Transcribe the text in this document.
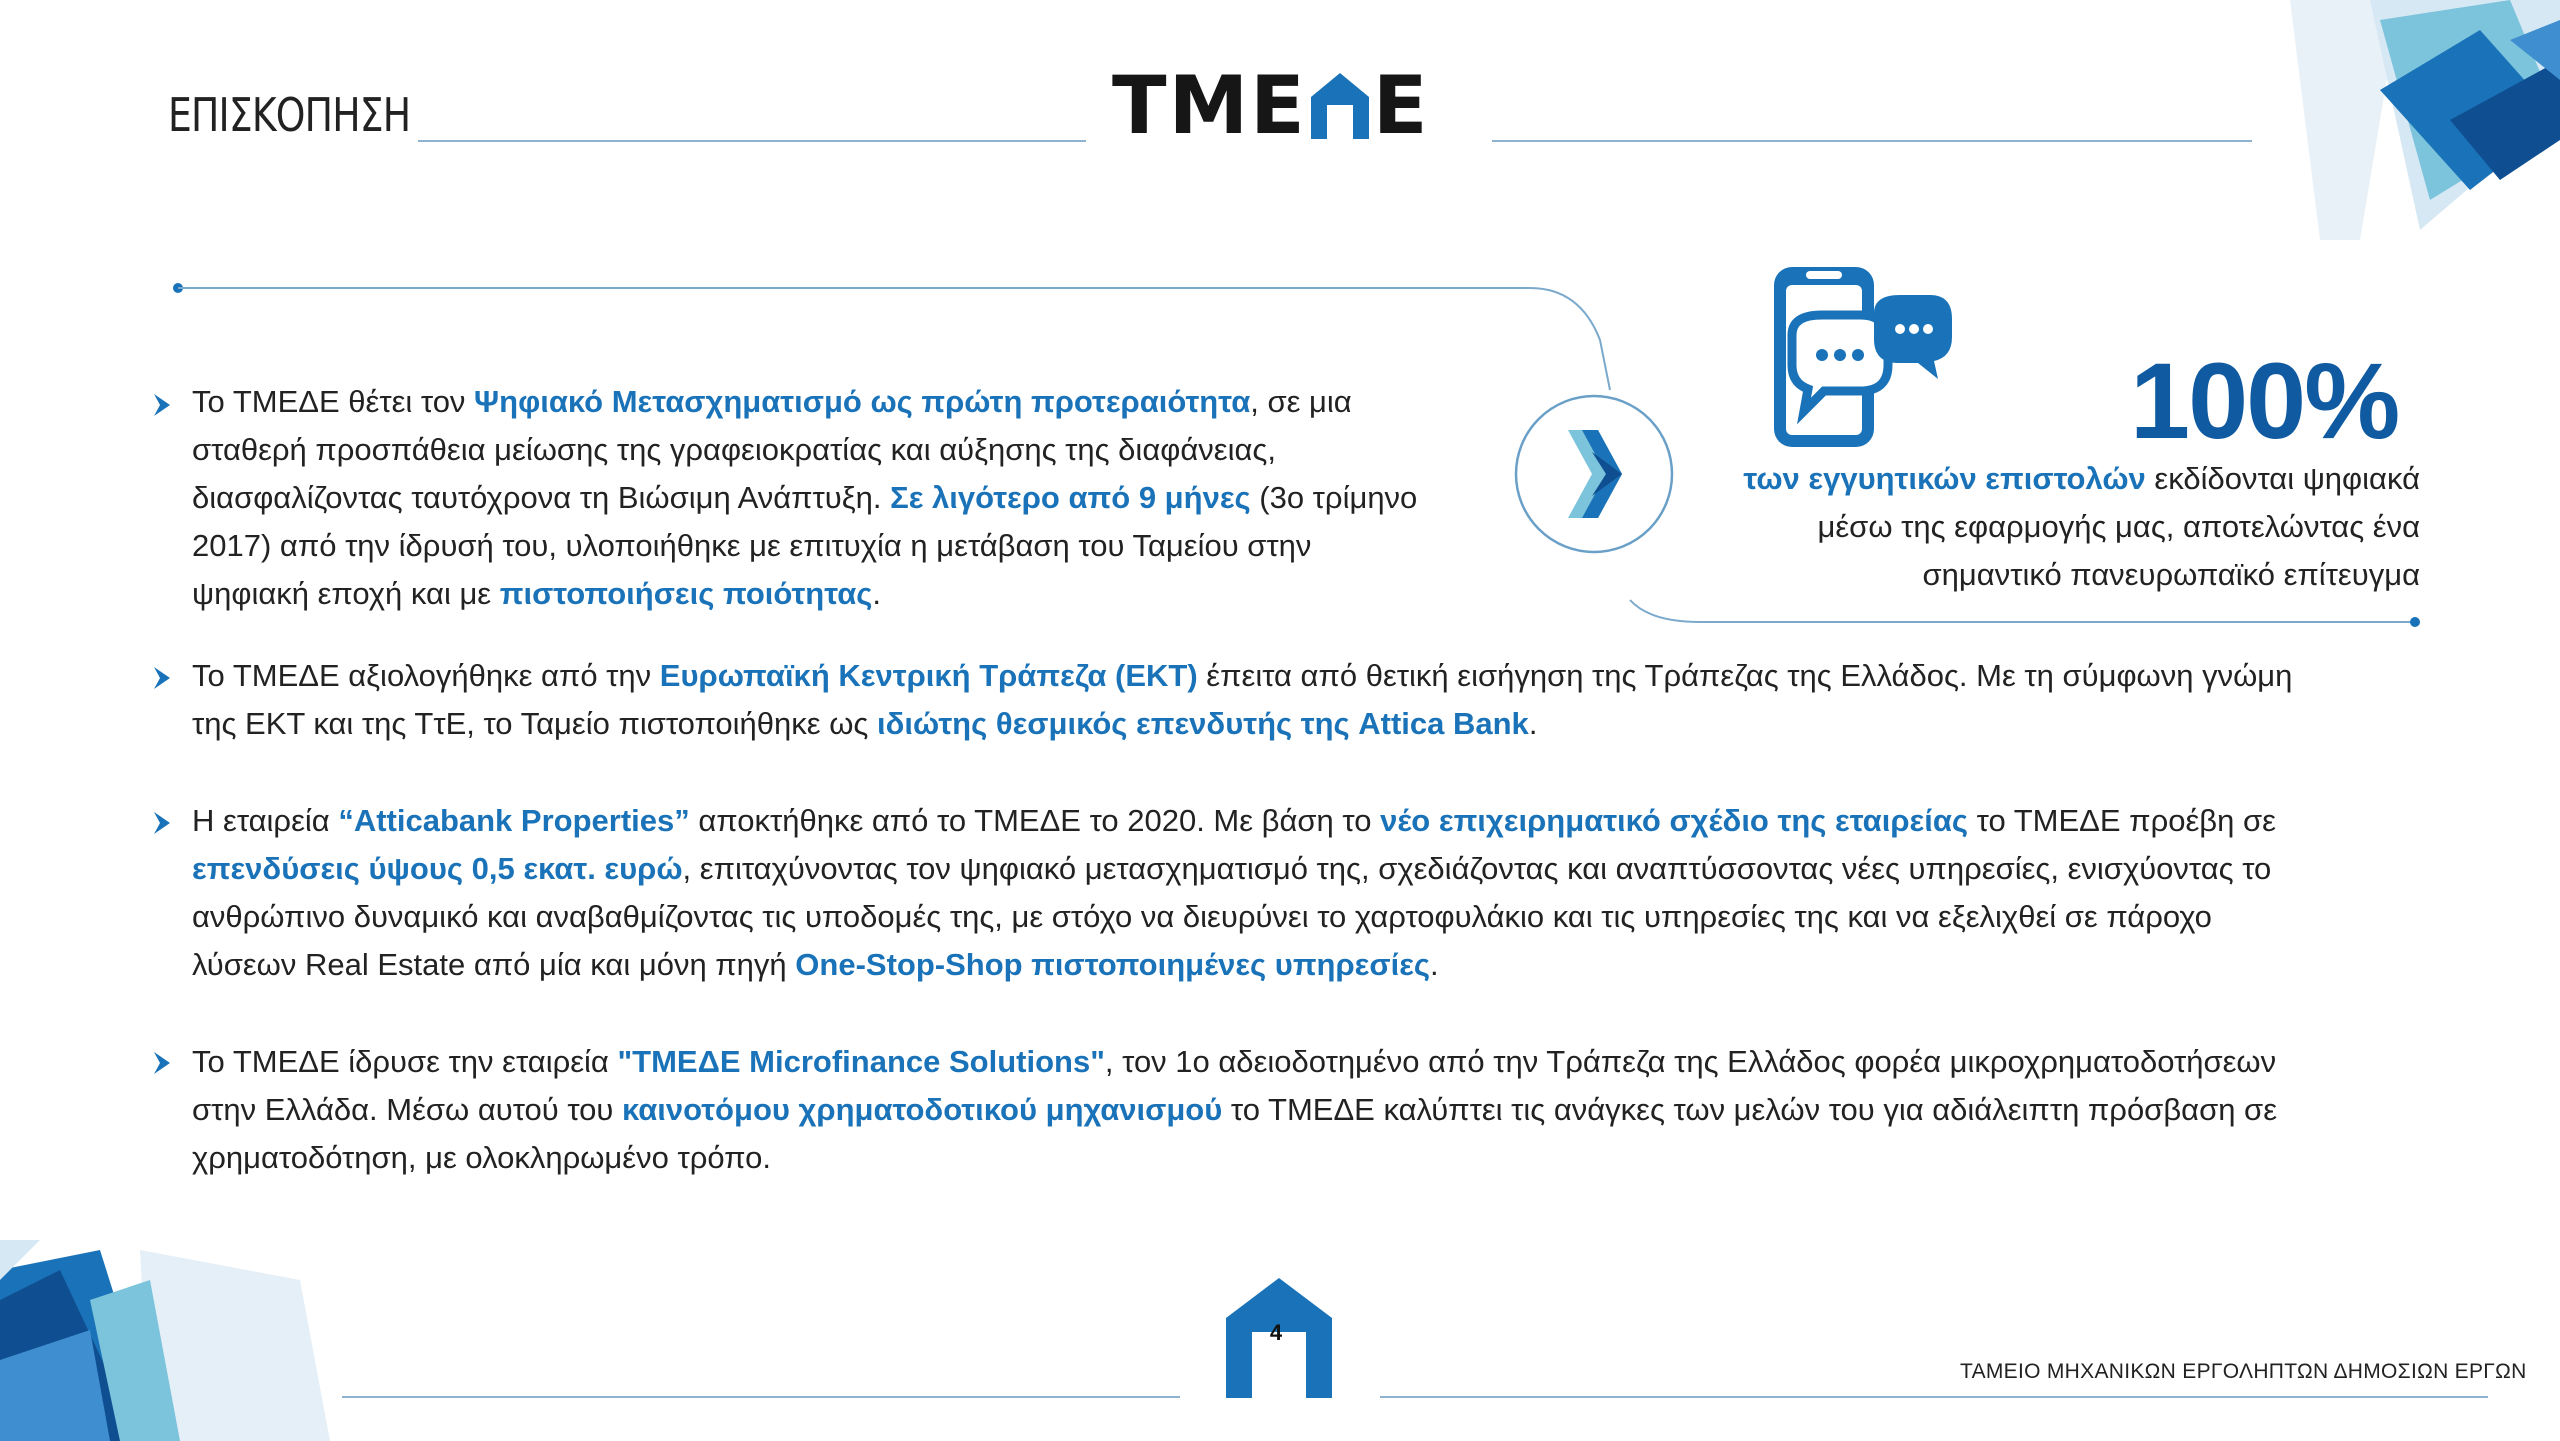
ΕΠΙΣΚΟΠΗΣΗ	ΤΜΕ Ε
100%
των εγγυητικών επιστολών εκδίδονται ψηφιακά
μέσω της εφαρμογής μας, αποτελώντας ένα
σημαντικό πανευρωπαϊκό επίτευγμα
Το ΤΜΕΔΕ θέτει τον Ψηφιακό Μετασχηματισμό ως πρώτη προτεραιότητα, σε μια
σταθερή προσπάθεια μείωσης της γραφειοκρατίας και αύξησης της διαφάνειας,
διασφαλίζοντας ταυτόχρονα τη Βιώσιμη Ανάπτυξη. Σε λιγότερο από 9 μήνες (3ο τρίμηνο
2017) από την ίδρυσή του, υλοποιήθηκε με επιτυχία η μετάβαση του Ταμείου στην
ψηφιακή εποχή και με πιστοποιήσεις ποιότητας.
Το ΤΜΕΔΕ αξιολογήθηκε από την Ευρωπαϊκή Κεντρική Τράπεζα (ΕΚΤ) έπειτα από θετική εισήγηση της Τράπεζας της Ελλάδος. Με τη σύμφωνη γνώμη
της ΕΚΤ και της ΤτΕ, το Ταμείο πιστοποιήθηκε ως ιδιώτης θεσμικός επενδυτής της Attica Bank.
Η εταιρεία “Atticabank Properties” αποκτήθηκε από το ΤΜΕΔΕ το 2020. Με βάση το νέο επιχειρηματικό σχέδιο της εταιρείας το ΤΜΕΔΕ προέβη σε
επενδύσεις ύψους 0,5 εκατ. ευρώ, επιταχύνοντας τον ψηφιακό μετασχηματισμό της, σχεδιάζοντας και αναπτύσσοντας νέες υπηρεσίες, ενισχύοντας το
ανθρώπινο δυναμικό και αναβαθμίζοντας τις υποδομές της, με στόχο να διευρύνει το χαρτοφυλάκιο και τις υπηρεσίες της και να εξελιχθεί σε πάροχο
λύσεων Real Estate από μία και μόνη πηγή One-Stop-Shop πιστοποιημένες υπηρεσίες.
Το ΤΜΕΔΕ ίδρυσε την εταιρεία "ΤΜΕΔΕ Microfinance Solutions", τον 1ο αδειοδοτημένο από την Τράπεζα της Ελλάδος φορέα μικροχρηματοδοτήσεων
στην Ελλάδα. Μέσω αυτού του καινοτόμου χρηματοδοτικού μηχανισμού το ΤΜΕΔΕ καλύπτει τις ανάγκες των μελών του για αδιάλειπτη πρόσβαση σε
χρηματοδότηση, με ολοκληρωμένο τρόπο.
4
ΤΑΜΕΙΟ ΜΗΧΑΝΙΚΩΝ ΕΡΓΟΛΗΠΤΩΝ ΔΗΜΟΣΙΩΝ ΕΡΓΩΝ
